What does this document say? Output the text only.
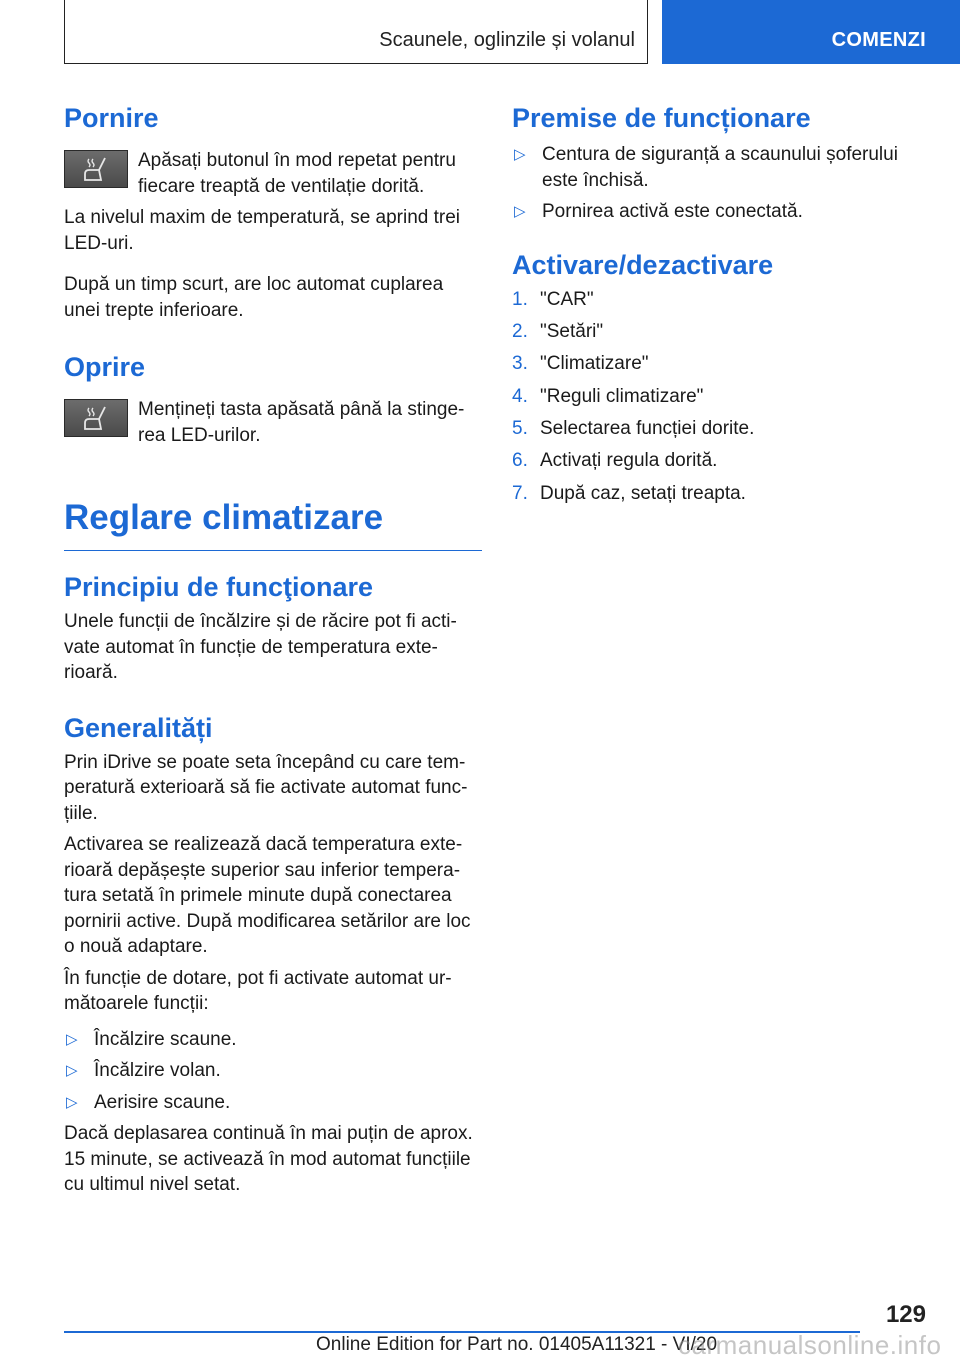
Scaunele, oglinzile și volanul	COMENZI
Pornire

Apăsați butonul în mod repetat pentru fiecare treaptă de ventilație dorită.

La nivelul maxim de temperatură, se aprind trei LED-uri.

După un timp scurt, are loc automat cuplarea unei trepte inferioare.

Oprire

Mențineți tasta apăsată până la stinge-rea LED-urilor.

Reglare climatizare
Principiu de funcţionare

Unele funcții de încălzire și de răcire pot fi acti-vate automat în funcție de temperatura exte-rioară.

Generalități

Prin iDrive se poate seta începând cu care tem-peratură exterioară să fie activate automat func-țiile.

Activarea se realizează dacă temperatura exte-rioară depășește superior sau inferior tempera-tura setată în primele minute după conectarea pornirii active. După modificarea setărilor are loc o nouă adaptare.

În funcție de dotare, pot fi activate automat ur-mătoarele funcții:

▷ Încălzire scaune.
▷ Încălzire volan.
▷ Aerisire scaune.

Dacă deplasarea continuă în mai puțin de aprox. 15 minute, se activează în mod automat funcțiile cu ultimul nivel setat.

Premise de funcționare
▷ Centura de siguranță a scaunului șoferului este închisă.
▷ Pornirea activă este conectată.
Activare/dezactivare
1. "CAR"
2. "Setări"
3. "Climatizare"
4. "Reguli climatizare"
5. Selectarea funcției dorite.
6. Activați regula dorită.
7. După caz, setați treapta.
129
Online Edition for Part no. 01405A11321 - VI/20
carmanualsonline.info
